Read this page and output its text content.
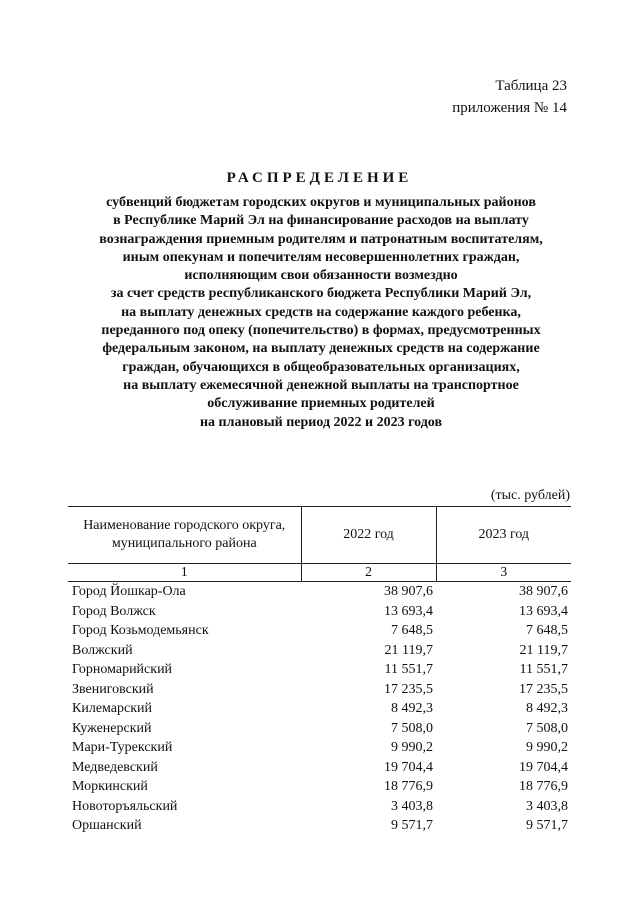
Таблица 23
приложения № 14
РАСПРЕДЕЛЕНИЕ
субвенций бюджетам городских округов и муниципальных районов
в Республике Марий Эл на финансирование расходов на выплату
вознаграждения приемным родителям и патронатным воспитателям,
иным опекунам и попечителям несовершеннолетних граждан,
исполняющим свои обязанности возмездно
за счет средств республиканского бюджета Республики Марий Эл,
на выплату денежных средств на содержание каждого ребенка,
переданного под опеку (попечительство) в формах, предусмотренных
федеральным законом, на выплату денежных средств на содержание
граждан, обучающихся в общеобразовательных организациях,
на выплату ежемесячной денежной выплаты на транспортное
обслуживание приемных родителей
на плановый период 2022 и 2023 годов
(тыс. рублей)
Наименование городского округа,
муниципального района	2022 год	2023 год
1	2	3
Город Йошкар-Ола	38 907,6	38 907,6
Город Волжск	13 693,4	13 693,4
Город Козьмодемьянск	7 648,5	7 648,5
Волжский	21 119,7	21 119,7
Горномарийский	11 551,7	11 551,7
Звениговский	17 235,5	17 235,5
Килемарский	8 492,3	8 492,3
Куженерский	7 508,0	7 508,0
Мари-Турекский	9 990,2	9 990,2
Медведевский	19 704,4	19 704,4
Моркинский	18 776,9	18 776,9
Новоторъяльский	3 403,8	3 403,8
Оршанский	9 571,7	9 571,7
